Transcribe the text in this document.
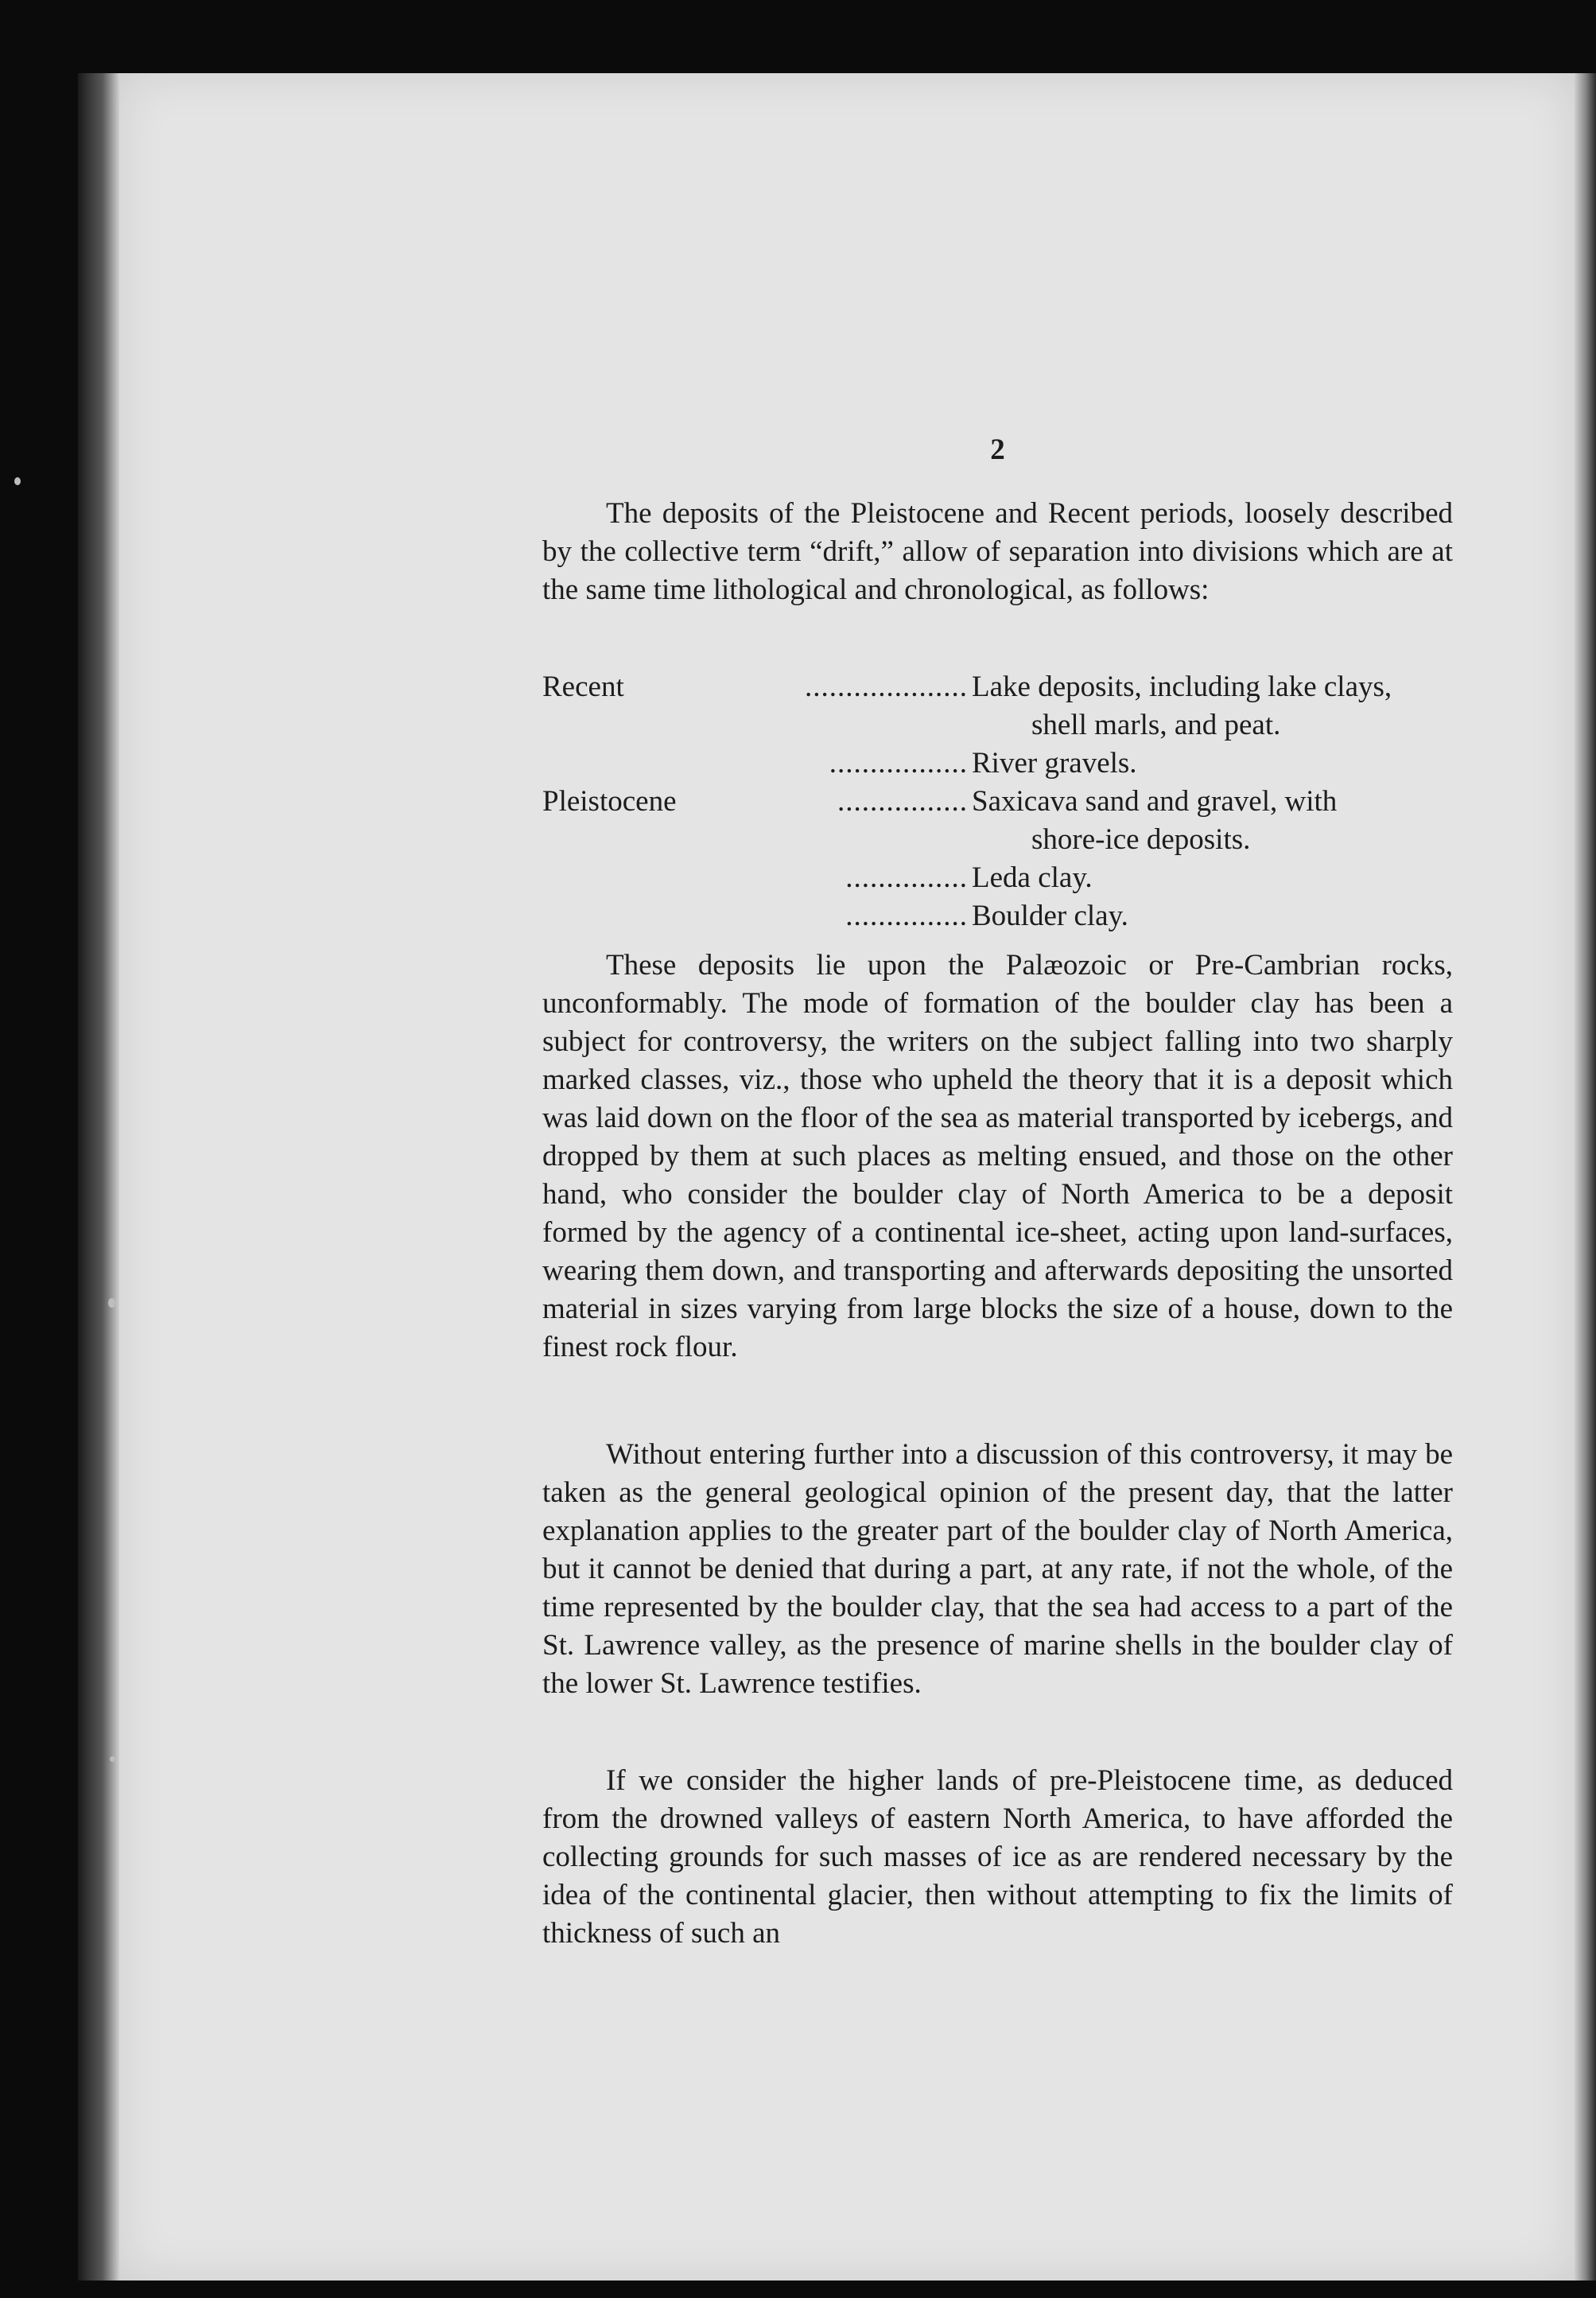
2

The deposits of the Pleistocene and Recent periods, loosely described by the collective term “drift,” allow of separation into divisions which are at the same time lithological and chronological, as follows:

Recent	.................... Lake deposits, including lake clays,
shell marls, and peat.
................. River gravels.
Pleistocene	................ Saxicava sand and gravel, with
shore-ice deposits.
............... Leda clay.
............... Boulder clay.

These deposits lie upon the Palæozoic or Pre-Cambrian rocks, unconformably. The mode of formation of the boulder clay has been a subject for controversy, the writers on the subject falling into two sharply marked classes, viz., those who upheld the theory that it is a deposit which was laid down on the floor of the sea as material transported by icebergs, and dropped by them at such places as melting ensued, and those on the other hand, who consider the boulder clay of North America to be a deposit formed by the agency of a continental ice-sheet, acting upon land-surfaces, wearing them down, and transporting and afterwards depositing the unsorted material in sizes varying from large blocks the size of a house, down to the finest rock flour.

Without entering further into a discussion of this controversy, it may be taken as the general geological opinion of the present day, that the latter explanation applies to the greater part of the boulder clay of North America, but it cannot be denied that during a part, at any rate, if not the whole, of the time represented by the boulder clay, that the sea had access to a part of the St. Lawrence valley, as the presence of marine shells in the boulder clay of the lower St. Lawrence testifies.

If we consider the higher lands of pre-Pleistocene time, as deduced from the drowned valleys of eastern North America, to have afforded the collecting grounds for such masses of ice as are rendered necessary by the idea of the continental glacier, then without attempting to fix the limits of thickness of such an
